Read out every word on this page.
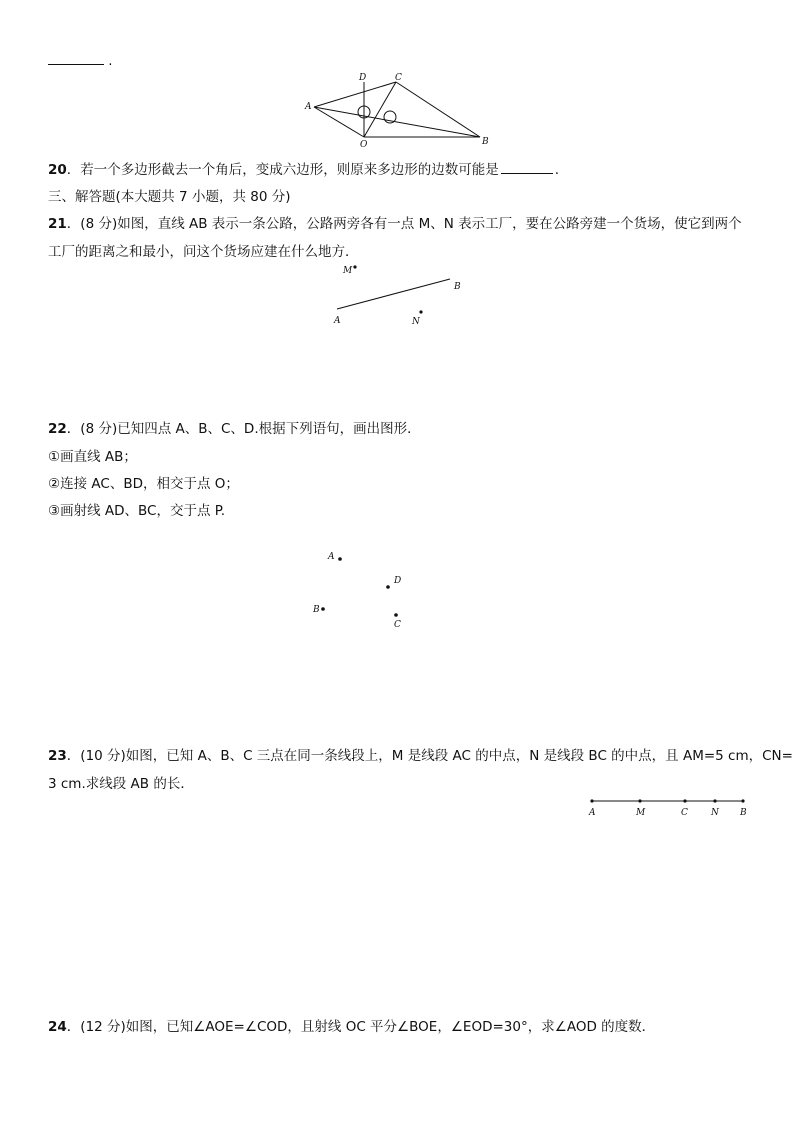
.
A
B
C
D
O
20．若一个多边形截去一个角后，变成六边形，则原来多边形的边数可能是	.
三、解答题(本大题共 7 小题，共 80 分)
21．(8 分)如图，直线 AB 表示一条公路，公路两旁各有一点 M、N 表示工厂，要在公路旁建一个货场，使它到两个
工厂的距离之和最小，问这个货场应建在什么地方．
M
B
A	N
22．(8 分)已知四点 A、B、C、D.根据下列语句，画出图形．
①画直线 AB；
②连接 AC、BD，相交于点 O；
③画射线 AD、BC，交于点 P.
A
D
B
C
23．(10 分)如图，已知 A、B、C 三点在同一条线段上，M 是线段 AC 的中点，N 是线段 BC 的中点，且 AM=5 cm，CN=
3 cm.求线段 AB 的长．
A	M	C	N B
24．(12 分)如图，已知∠AOE=∠COD，且射线 OC 平分∠BOE，∠EOD=30°，求∠AOD 的度数．
